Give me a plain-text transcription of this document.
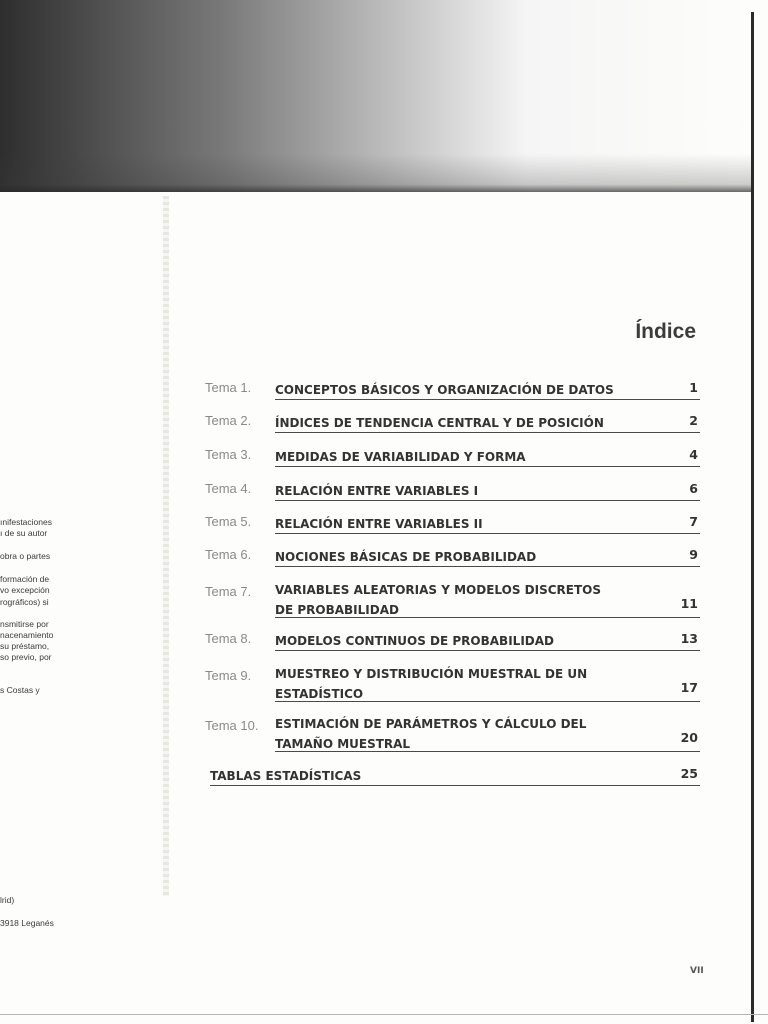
ınifestaciones
ı de su autor
obra o partes
formación de
vo excepción
rográficos) si
nsmitirse por
nacenamiento
su préstamo,
so previo, por
s Costas y
lrid)
3918 Leganés
Índice
Tema 1. CONCEPTOS BÁSICOS Y ORGANIZACIÓN DE DATOS	1
Tema 2. ÍNDICES DE TENDENCIA CENTRAL Y DE POSICIÓN	2
Tema 3. MEDIDAS DE VARIABILIDAD Y FORMA	4
Tema 4. RELACIÓN ENTRE VARIABLES I	6
Tema 5. RELACIÓN ENTRE VARIABLES II	7
Tema 6. NOCIONES BÁSICAS DE PROBABILIDAD	9
Tema 7. VARIABLES ALEATORIAS Y MODELOS DISCRETOS
DE PROBABILIDAD	11
Tema 8. MODELOS CONTINUOS DE PROBABILIDAD	13
Tema 9. MUESTREO Y DISTRIBUCIÓN MUESTRAL DE UN
ESTADÍSTICO	17
Tema 10. ESTIMACIÓN DE PARÁMETROS Y CÁLCULO DEL
TAMAÑO MUESTRAL	20
TABLAS ESTADÍSTICAS	25
VII
